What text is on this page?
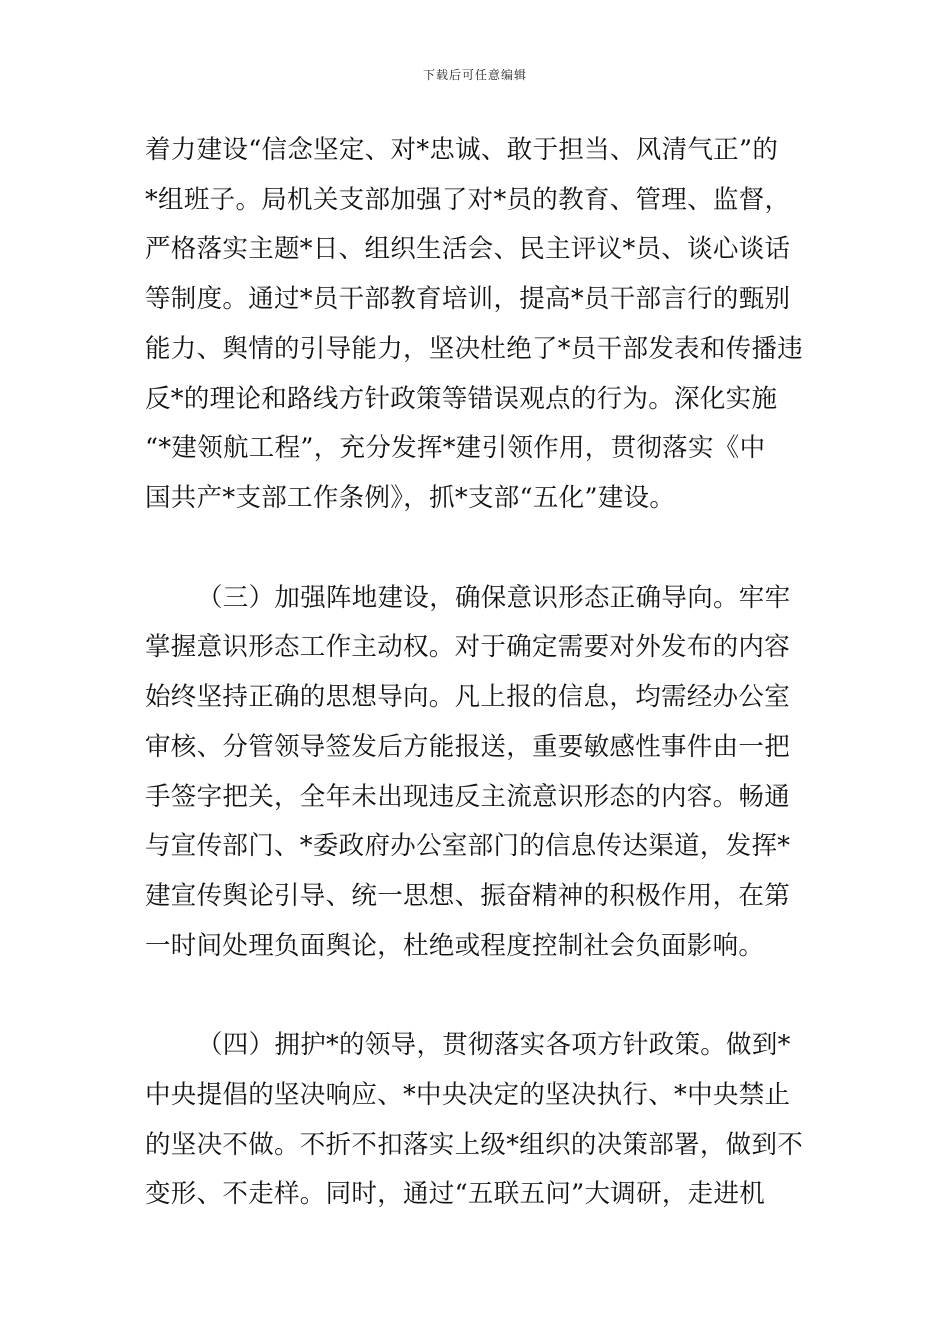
下载后可任意编辑
着力建设“信念坚定、对*忠诚、敢于担当、风清气正”的
*组班子。局机关支部加强了对*员的教育、管理、监督，
严格落实主题*日、组织生活会、民主评议*员、谈心谈话
等制度。通过*员干部教育培训，提高*员干部言行的甄别
能力、舆情的引导能力，坚决杜绝了*员干部发表和传播违
反*的理论和路线方针政策等错误观点的行为。深化实施
“*建领航工程”，充分发挥*建引领作用，贯彻落实《中
国共产*支部工作条例》，抓*支部“五化”建设。
（三）加强阵地建设，确保意识形态正确导向。牢牢
掌握意识形态工作主动权。对于确定需要对外发布的内容
始终坚持正确的思想导向。凡上报的信息，均需经办公室
审核、分管领导签发后方能报送，重要敏感性事件由一把
手签字把关，全年未出现违反主流意识形态的内容。畅通
与宣传部门、*委政府办公室部门的信息传达渠道，发挥*
建宣传舆论引导、统一思想、振奋精神的积极作用，在第
一时间处理负面舆论，杜绝或程度控制社会负面影响。
（四）拥护*的领导，贯彻落实各项方针政策。做到*
中央提倡的坚决响应、*中央决定的坚决执行、*中央禁止
的坚决不做。不折不扣落实上级*组织的决策部署，做到不
变形、不走样。同时，通过“五联五问”大调研，走进机
